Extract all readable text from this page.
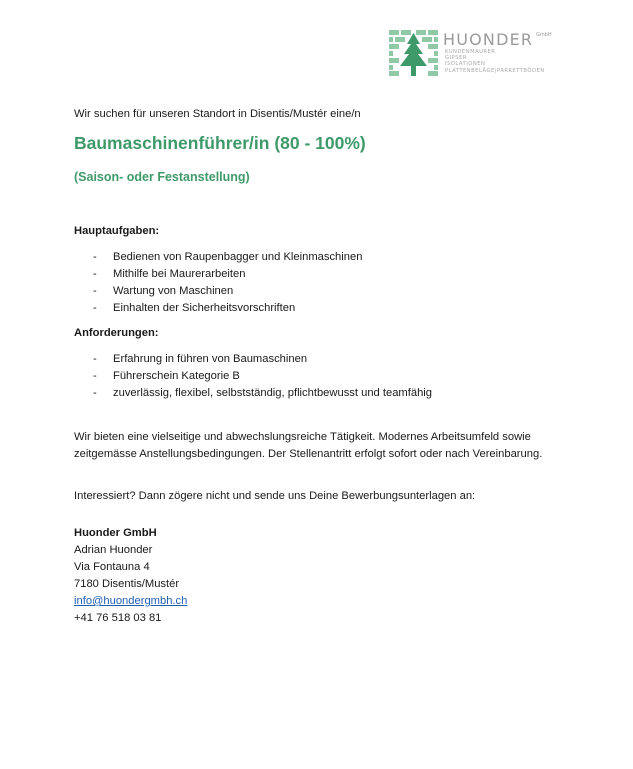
HUONDER GmbH
KUNDENMAURER
GIPSER
ISOLATIONEN
PLATTENBELÄGE|PARKETTBÖDEN
Wir suchen für unseren Standort in Disentis/Mustér eine/n
Baumaschinenführer/in (80 - 100%)
(Saison- oder Festanstellung)
Hauptaufgaben:
- Bedienen von Raupenbagger und Kleinmaschinen
- Mithilfe bei Maurerarbeiten
- Wartung von Maschinen
- Einhalten der Sicherheitsvorschriften
Anforderungen:
- Erfahrung in führen von Baumaschinen
- Führerschein Kategorie B
- zuverlässig, flexibel, selbstständig, pflichtbewusst und teamfähig
Wir bieten eine vielseitige und abwechslungsreiche Tätigkeit. Modernes Arbeitsumfeld sowie zeitgemässe Anstellungsbedingungen. Der Stellenantritt erfolgt sofort oder nach Vereinbarung.
Interessiert? Dann zögere nicht und sende uns Deine Bewerbungsunterlagen an:
Huonder GmbH
Adrian Huonder
Via Fontauna 4
7180 Disentis/Mustér
info@huondergmbh.ch
+41 76 518 03 81
